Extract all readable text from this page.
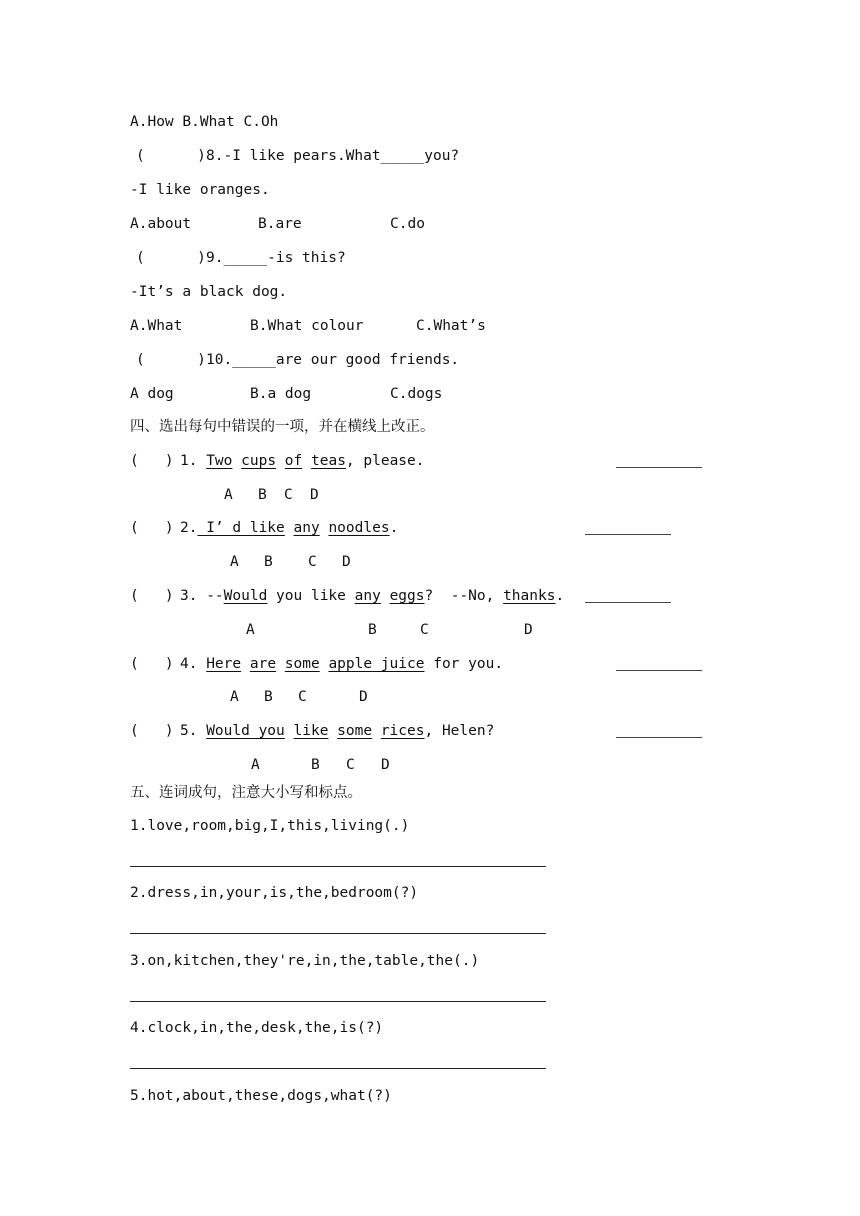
A.How B.What C.Oh
(      ) 8.-I like pears.What_____you?
-I like oranges.
A.about	B.are	C.do
(      ) 9._____-is this?
-It’s a black dog.
A.What	B.What colour	C.What’s
(      ) 10._____are our good friends.
A dog	B.a dog	C.dogs
四、选出每句中错误的一项，并在横线上改正。
(   ) 1. Two cups of teas, please.
A B C D
(   ) 2. I’ d like any noodles.
A B C D
(   ) 3. --Would you like any eggs?  --No, thanks.
A	B	C	D
(   ) 4. Here are some apple juice for you.
A B C	D
(   ) 5. Would you like some rices, Helen?
A	B C D
五、连词成句，注意大小写和标点。
1.love,room,big,I,this,living(.)
2.dress,in,your,is,the,bedroom(?)
3.on,kitchen,they're,in,the,table,the(.)
4.clock,in,the,desk,the,is(?)
5.hot,about,these,dogs,what(?)
